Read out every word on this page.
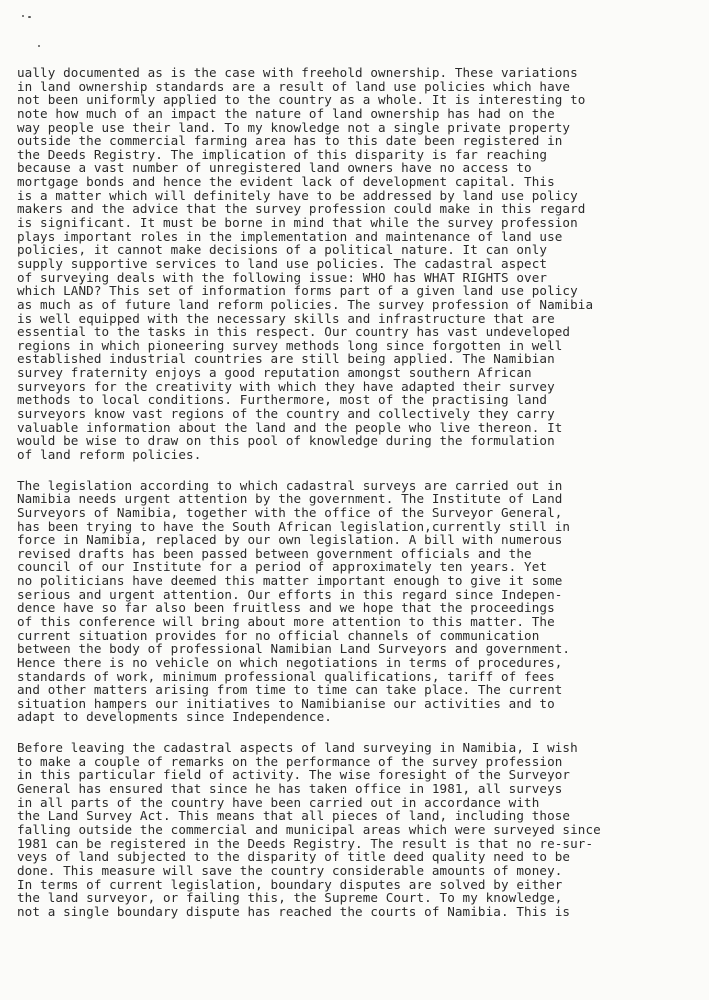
ually documented as is the case with freehold ownership. These variations
in land ownership standards are a result of land use policies which have
not been uniformly applied to the country as a whole. It is interesting to
note how much of an impact the nature of land ownership has had on the
way people use their land. To my knowledge not a single private property
outside the commercial farming area has to this date been registered in
the Deeds Registry. The implication of this disparity is far reaching
because a vast number of unregistered land owners have no access to
mortgage bonds and hence the evident lack of development capital. This
is a matter which will definitely have to be addressed by land use policy
makers and the advice that the survey profession could make in this regard
is significant. It must be borne in mind that while the survey profession
plays important roles in the implementation and maintenance of land use
policies, it cannot make decisions of a political nature. It can only
supply supportive services to land use policies. The cadastral aspect
of surveying deals with the following issue: WHO has WHAT RIGHTS over
which LAND? This set of information forms part of a given land use policy
as much as of future land reform policies. The survey profession of Namibia
is well equipped with the necessary skills and infrastructure that are
essential to the tasks in this respect. Our country has vast undeveloped
regions in which pioneering survey methods long since forgotten in well
established industrial countries are still being applied. The Namibian
survey fraternity enjoys a good reputation amongst southern African
surveyors for the creativity with which they have adapted their survey
methods to local conditions. Furthermore, most of the practising land
surveyors know vast regions of the country and collectively they carry
valuable information about the land and the people who live thereon. It
would be wise to draw on this pool of knowledge during the formulation
of land reform policies.
The legislation according to which cadastral surveys are carried out in
Namibia needs urgent attention by the government. The Institute of Land
Surveyors of Namibia, together with the office of the Surveyor General,
has been trying to have the South African legislation,currently still in
force in Namibia, replaced by our own legislation. A bill with numerous
revised drafts has been passed between government officials and the
council of our Institute for a period of approximately ten years. Yet
no politicians have deemed this matter important enough to give it some
serious and urgent attention. Our efforts in this regard since Indepen-
dence have so far also been fruitless and we hope that the proceedings
of this conference will bring about more attention to this matter. The
current situation provides for no official channels of communication
between the body of professional Namibian Land Surveyors and government.
Hence there is no vehicle on which negotiations in terms of procedures,
standards of work, minimum professional qualifications, tariff of fees
and other matters arising from time to time can take place. The current
situation hampers our initiatives to Namibianise our activities and to
adapt to developments since Independence.
Before leaving the cadastral aspects of land surveying in Namibia, I wish
to make a couple of remarks on the performance of the survey profession
in this particular field of activity. The wise foresight of the Surveyor
General has ensured that since he has taken office in 1981, all surveys
in all parts of the country have been carried out in accordance with
the Land Survey Act. This means that all pieces of land, including those
falling outside the commercial and municipal areas which were surveyed since
1981 can be registered in the Deeds Registry. The result is that no re-sur-
veys of land subjected to the disparity of title deed quality need to be
done. This measure will save the country considerable amounts of money.
In terms of current legislation, boundary disputes are solved by either
the land surveyor, or failing this, the Supreme Court. To my knowledge,
not a single boundary dispute has reached the courts of Namibia. This is
